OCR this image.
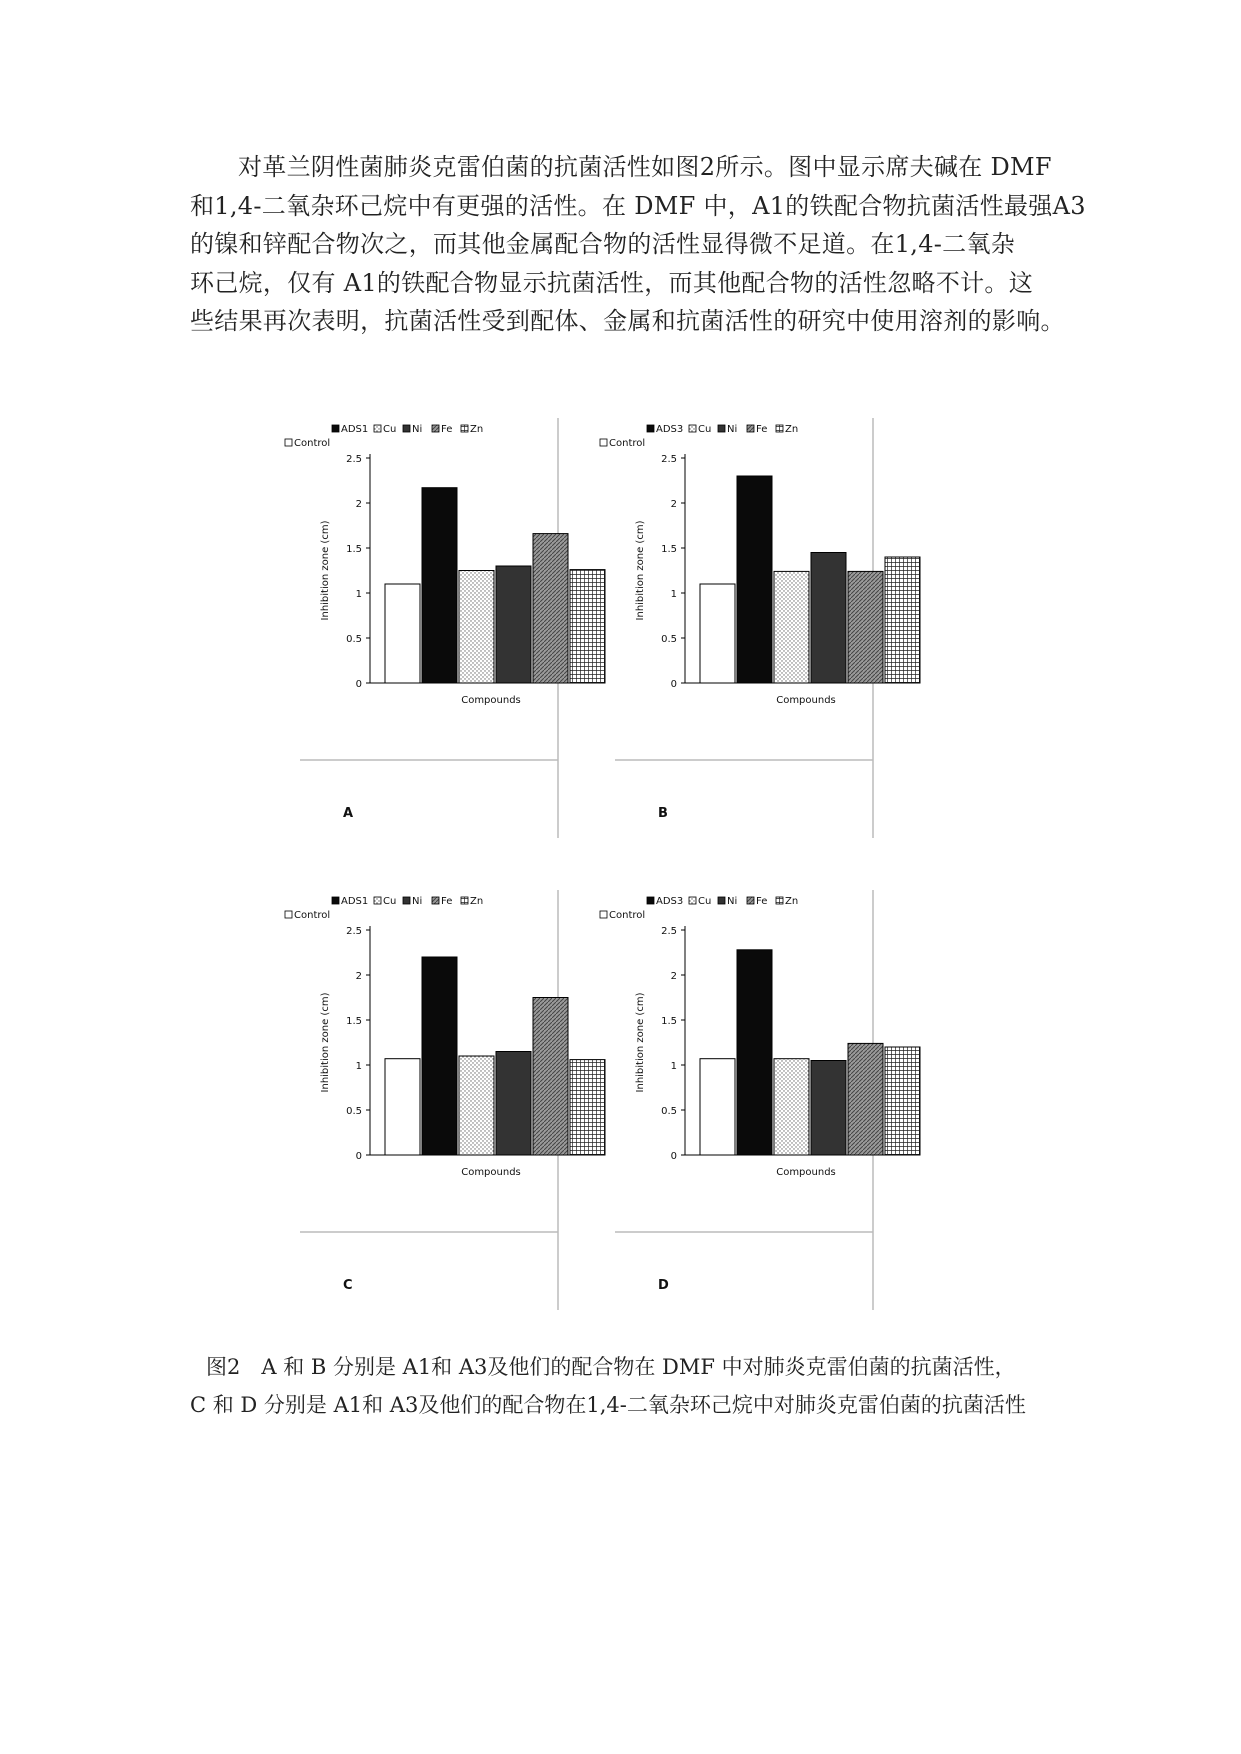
对革兰阴性菌肺炎克雷伯菌的抗菌活性如图2所示。图中显示席夫碱在 DMF
和1,4-二氧杂环己烷中有更强的活性。在 DMF 中，A1的铁配合物抗菌活性最强A3
的镍和锌配合物次之，而其他金属配合物的活性显得微不足道。在1,4-二氧杂
环己烷，仅有 A1的铁配合物显示抗菌活性，而其他配合物的活性忽略不计。这
些结果再次表明，抗菌活性受到配体、金属和抗菌活性的研究中使用溶剂的影响。
ADS1 Cu Ni Fe Zn
Control
0
0.5
1
1.5
2
2.5
Inhibition zone (cm)
Compounds
A
ADS3 Cu Ni Fe Zn
Control
0
0.5
1
1.5
2
2.5
Inhibition zone (cm)
Compounds
B
ADS1 Cu Ni Fe Zn
Control
0
0.5
1
1.5
2
2.5
Inhibition zone (cm)
Compounds
C
ADS3 Cu Ni Fe Zn
Control
0
0.5
1
1.5
2
2.5
Inhibition zone (cm)
Compounds
D
图2　A 和 B 分别是 A1和 A3及他们的配合物在 DMF 中对肺炎克雷伯菌的抗菌活性，
C 和 D 分别是 A1和 A3及他们的配合物在1,4-二氧杂环己烷中对肺炎克雷伯菌的抗菌活性
